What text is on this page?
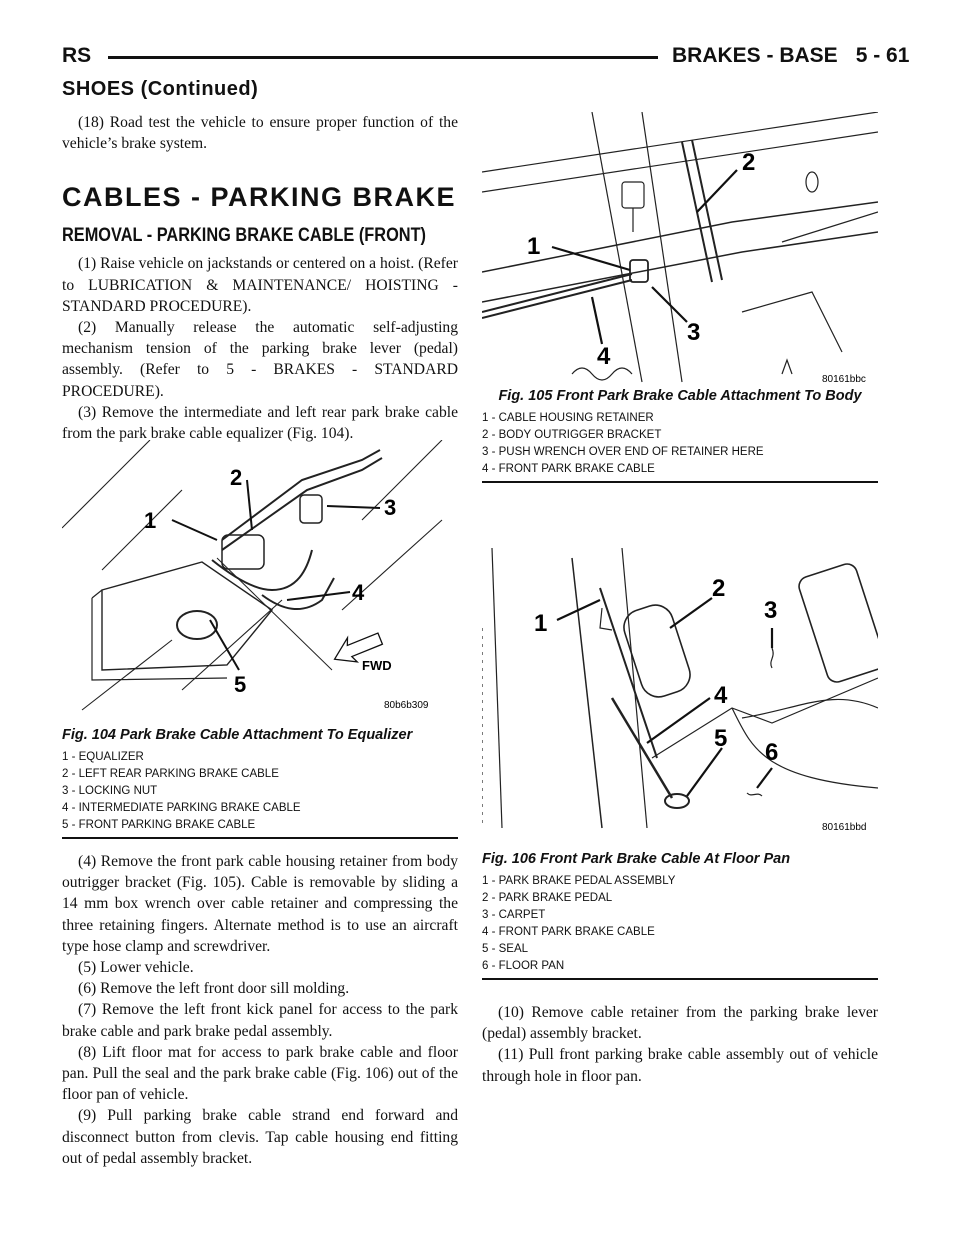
RS	BRAKES - BASE 5 - 61
SHOES (Continued)

(18) Road test the vehicle to ensure proper function of the vehicle’s brake system.

CABLES - PARKING BRAKE

REMOVAL - PARKING BRAKE CABLE (FRONT)

(1) Raise vehicle on jackstands or centered on a hoist. (Refer to LUBRICATION & MAINTENANCE/ HOISTING - STANDARD PROCEDURE).

(2) Manually release the automatic self-adjusting mechanism tension of the parking brake lever (pedal) assembly. (Refer to 5 - BRAKES - STANDARD PROCEDURE).

(3) Remove the intermediate and left rear park brake cable from the park brake cable equalizer (Fig. 104).

1
2
3
4
5
FWD
80b6b309

Fig. 104 Park Brake Cable Attachment To Equalizer

1 - EQUALIZER

2 - LEFT REAR PARKING BRAKE CABLE

3 - LOCKING NUT

4 - INTERMEDIATE PARKING BRAKE CABLE

5 - FRONT PARKING BRAKE CABLE

(4) Remove the front park cable housing retainer from body outrigger bracket (Fig. 105). Cable is removable by sliding a 14 mm box wrench over cable retainer and compressing the three retaining fingers. Alternate method is to use an aircraft type hose clamp and screwdriver.

(5) Lower vehicle.

(6) Remove the left front door sill molding.

(7) Remove the left front kick panel for access to the park brake cable and park brake pedal assembly.

(8) Lift floor mat for access to park brake cable and floor pan. Pull the seal and the park brake cable (Fig. 106) out of the floor pan of vehicle.

(9) Pull parking brake cable strand end forward and disconnect button from clevis. Tap cable housing end fitting out of pedal assembly bracket.

1
2
3
4
80161bbc

Fig. 105 Front Park Brake Cable Attachment To Body

1 - CABLE HOUSING RETAINER

2 - BODY OUTRIGGER BRACKET

3 - PUSH WRENCH OVER END OF RETAINER HERE

4 - FRONT PARK BRAKE CABLE

1
2
3
4
5
6
80161bbd

Fig. 106 Front Park Brake Cable At Floor Pan

1 - PARK BRAKE PEDAL ASSEMBLY

2 - PARK BRAKE PEDAL

3 - CARPET

4 - FRONT PARK BRAKE CABLE

5 - SEAL

6 - FLOOR PAN

(10) Remove cable retainer from the parking brake lever (pedal) assembly bracket.

(11) Pull front parking brake cable assembly out of vehicle through hole in floor pan.
